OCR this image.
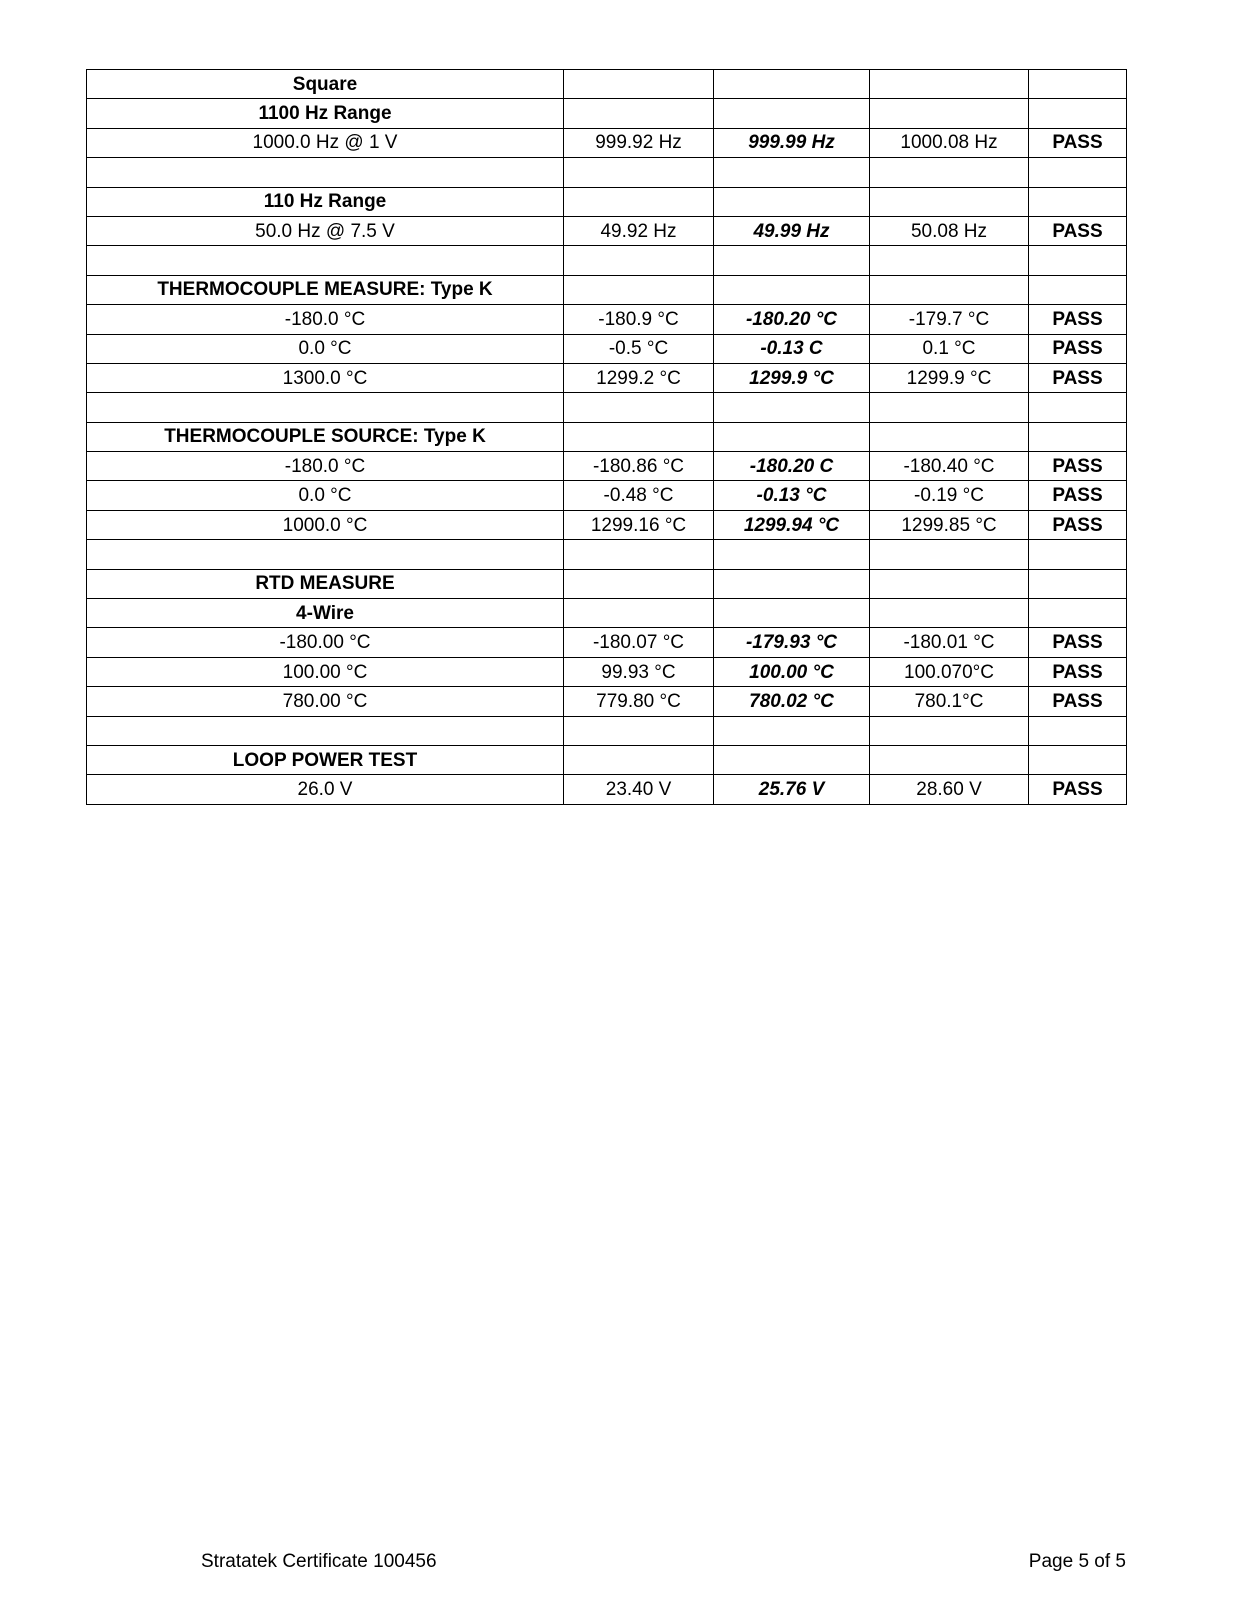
Square				
1100 Hz Range				
1000.0 Hz @ 1 V	999.92 Hz	999.99 Hz	1000.08 Hz	PASS

110 Hz Range				
50.0 Hz @ 7.5 V	49.92 Hz	49.99 Hz	50.08 Hz	PASS

THERMOCOUPLE MEASURE: Type K				
-180.0 °C	-180.9 °C	-180.20 °C	-179.7 °C	PASS
0.0 °C	-0.5 °C	-0.13 C	0.1 °C	PASS
1300.0 °C	1299.2 °C	1299.9 °C	1299.9 °C	PASS

THERMOCOUPLE SOURCE: Type K				
-180.0 °C	-180.86 °C	-180.20 C	-180.40 °C	PASS
0.0 °C	-0.48 °C	-0.13 °C	-0.19 °C	PASS
1000.0 °C	1299.16 °C	1299.94 °C	1299.85 °C	PASS

RTD MEASURE				
4-Wire				
-180.00 °C	-180.07 °C	-179.93 °C	-180.01 °C	PASS
100.00 °C	99.93 °C	100.00 °C	100.070°C	PASS
780.00 °C	779.80 °C	780.02 °C	780.1°C	PASS

LOOP POWER TEST				
26.0 V	23.40 V	25.76 V	28.60 V	PASS
Stratatek Certificate 100456	Page 5 of 5
